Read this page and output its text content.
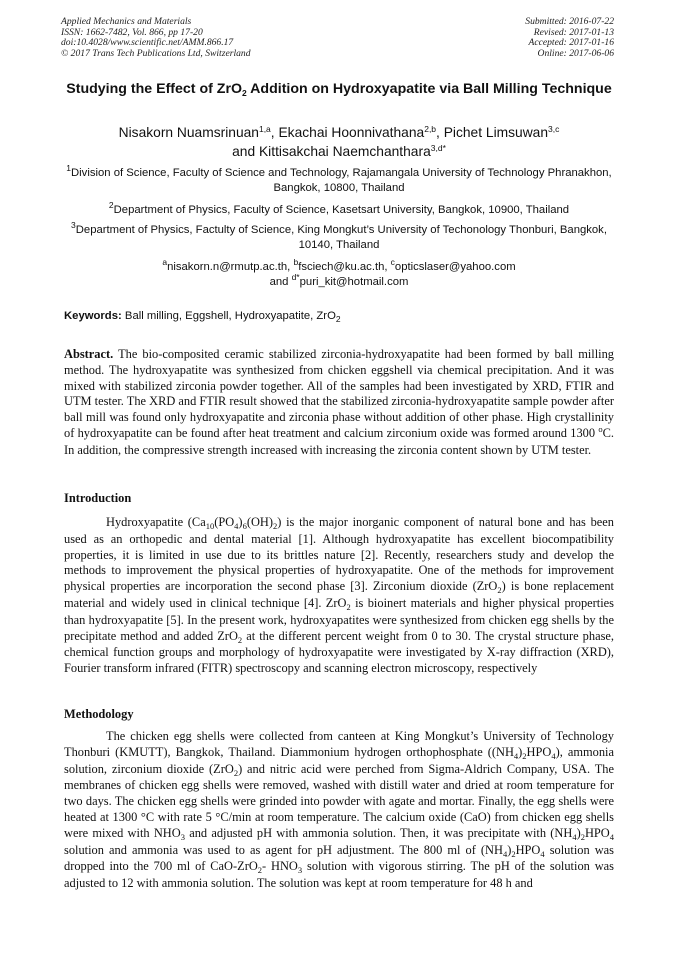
Applied Mechanics and Materials
ISSN: 1662-7482, Vol. 866, pp 17-20
doi:10.4028/www.scientific.net/AMM.866.17
© 2017 Trans Tech Publications Ltd, Switzerland
Submitted: 2016-07-22
Revised: 2017-01-13
Accepted: 2017-01-16
Online: 2017-06-06
Studying the Effect of ZrO$_2$ Addition on Hydroxyapatite via Ball Milling Technique
Nisakorn Nuamsrinuan$^{1,a}$, Ekachai Hoonnivathana$^{2,b}$, Pichet Limsuwan$^{3,c}$
and Kittisakchai Naemchanthara$^{3,d*}$
$^1$Division of Science, Faculty of Science and Technology, Rajamangala University of Technology Phranakhon, Bangkok, 10800, Thailand
$^2$Department of Physics, Faculty of Science, Kasetsart University, Bangkok, 10900, Thailand
$^3$Department of Physics, Factulty of Science, King Mongkut’s University of Techonology Thonburi, Bangkok, 10140, Thailand
$^a$nisakorn.n@rmutp.ac.th, $^b$fsciech@ku.ac.th, $^c$opticslaser@yahoo.com
and $^{d*}$puri_kit@hotmail.com
Keywords: Ball milling, Eggshell, Hydroxyapatite, ZrO$_2$
Abstract. The bio-composited ceramic stabilized zirconia-hydroxyapatite had been formed by ball milling method. The hydroxyapatite was synthesized from chicken eggshell via chemical precipitation. And it was mixed with stabilized zirconia powder together. All of the samples had been investigated by XRD, FTIR and UTM tester. The XRD and FTIR result showed that the stabilized zirconia-hydroxyapatite sample powder after ball mill was found only hydroxyapatite and zirconia phase without addition of other phase. High crystallinity of hydroxyapatite can be found after heat treatment and calcium zirconium oxide was formed around 1300 $^o$C. In addition, the compressive strength increased with increasing the zirconia content shown by UTM tester.
Introduction
Hydroxyapatite $(Ca_{10}(PO_4)_6(OH)_2)$ is the major inorganic component of natural bone and has been used as an orthopedic and dental material [1]. Although hydroxyapatite has excellent biocompatibility properties, it is limited in use due to its brittles nature [2]. Recently, researchers study and develop the methods to improvement the physical properties of hydroxyapatite. One of the methods for improvement physical properties are incorporation the second phase [3]. Zirconium dioxide (ZrO$_2$) is bone replacement material and widely used in clinical technique [4]. ZrO$_2$ is bioinert materials and higher physical properties than hydroxyapatite [5]. In the present work, hydroxyapatites were synthesized from chicken egg shells by the precipitate method and added ZrO$_2$ at the different percent weight from 0 to 30. The crystal structure phase, chemical function groups and morphology of hydroxyapatite were investigated by X-ray diffraction (XRD), Fourier transform infrared (FITR) spectroscopy and scanning electron microscopy, respectively
Methodology
The chicken egg shells were collected from canteen at King Mongkut’s University of Technology Thonburi (KMUTT), Bangkok, Thailand. Diammonium hydrogen orthophosphate $((NH_4)_2HPO_4)$, ammonia solution, zirconium dioxide (ZrO$_2$) and nitric acid were perched from Sigma-Aldrich Company, USA. The membranes of chicken egg shells were removed, washed with distill water and dried at room temperature for two days. The chicken egg shells were grinded into powder with agate and mortar. Finally, the egg shells were heated at 1300 °C with rate 5 °C/min at room temperature. The calcium oxide (CaO) from chicken egg shells were mixed with $NHO_3$ and adjusted pH with ammonia solution. Then, it was precipitate with $(NH_4)_2HPO_4$ solution and ammonia was used to as agent for pH adjustment. The 800 ml of $(NH_4)_2HPO_4$ solution was dropped into the 700 ml of CaO-ZrO$_2$- $HNO_3$ solution with vigorous stirring. The pH of the solution was adjusted to 12 with ammonia solution. The solution was kept at room temperature for 48 h and
